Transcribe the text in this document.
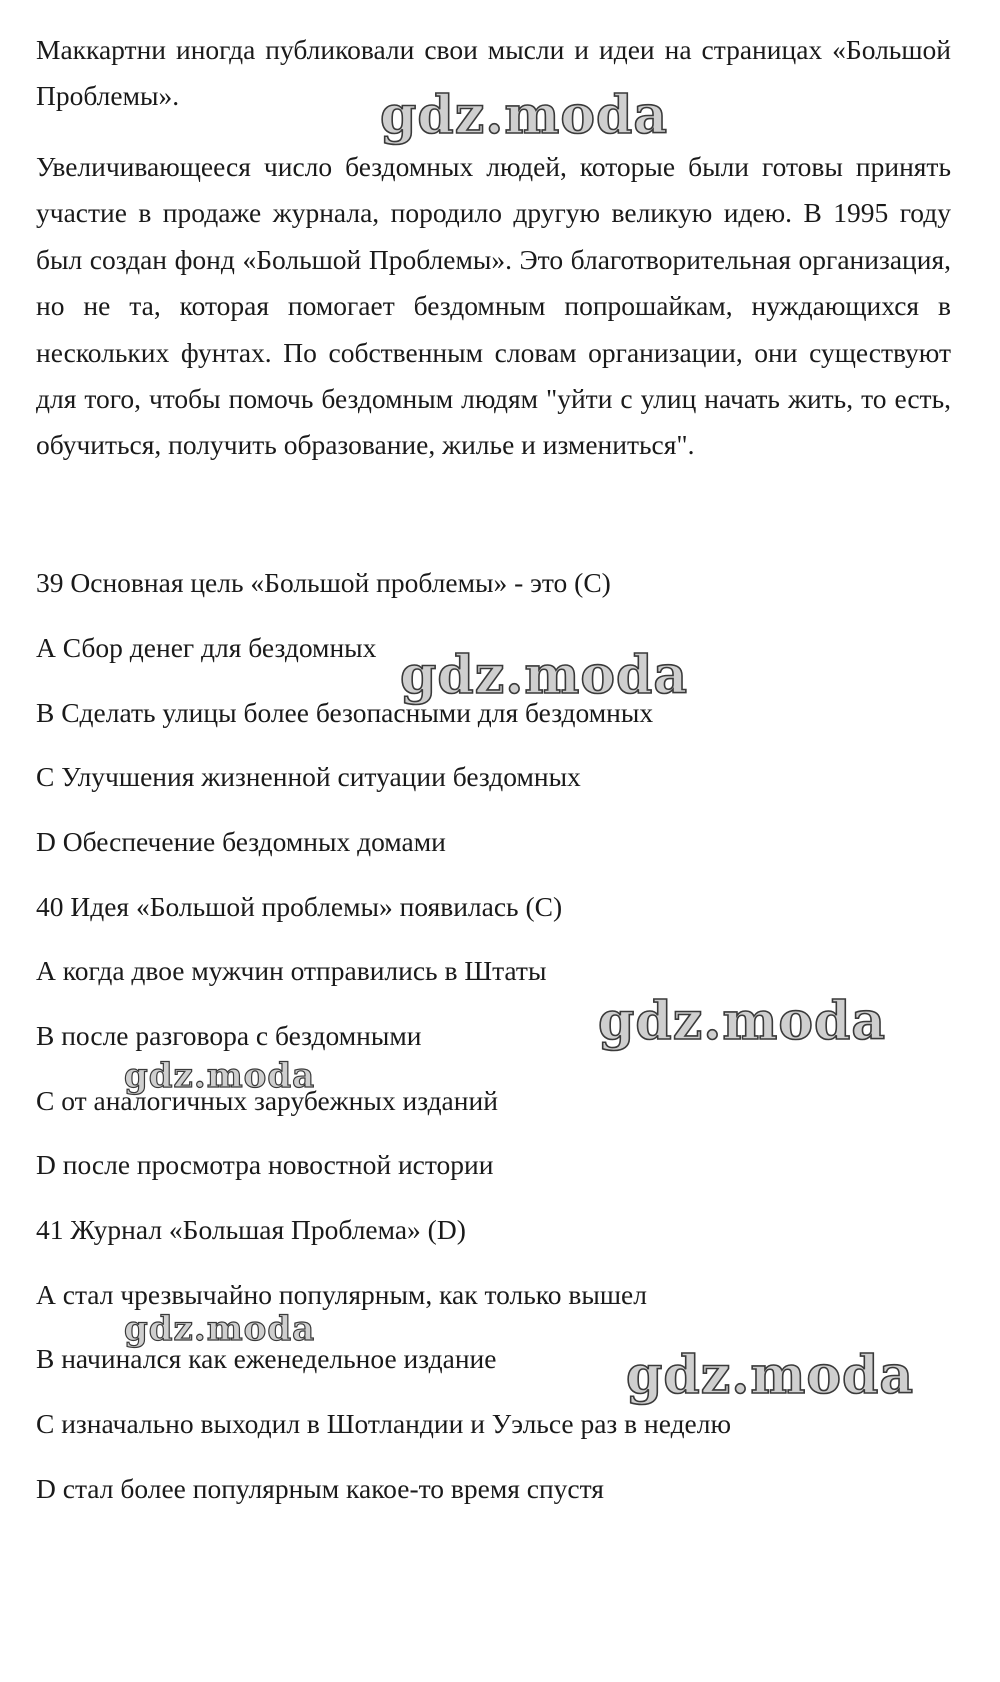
Маккартни иногда публиковали свои мысли и идеи на страницах «Большой Проблемы».

Увеличивающееся число бездомных людей, которые были готовы принять участие в продаже журнала, породило другую великую идею. В 1995 году был создан фонд «Большой Проблемы». Это благотворительная организация, но не та, которая помогает бездомным попрошайкам, нуждающихся в нескольких фунтах. По собственным словам организации, они существуют для того, чтобы помочь бездомным людям "уйти с улиц начать жить, то есть, обучиться, получить образование, жилье и измениться".

39 Основная цель «Большой проблемы» - это (С)
А Сбор денег для бездомных
В Сделать улицы более безопасными для бездомных
С Улучшения жизненной ситуации бездомных
D Обеспечение бездомных домами
40 Идея «Большой проблемы» появилась (С)
А когда двое мужчин отправились в Штаты
В после разговора с бездомными
С от аналогичных зарубежных изданий
D после просмотра новостной истории
41 Журнал «Большая Проблема» (D)
А стал чрезвычайно популярным, как только вышел
В начинался как еженедельное издание
С изначально выходил в Шотландии и Уэльсе раз в неделю
D стал более популярным какое-то время спустя
gdz.moda
gdz.moda
gdz.moda
gdz.moda
gdz.moda
gdz.moda
